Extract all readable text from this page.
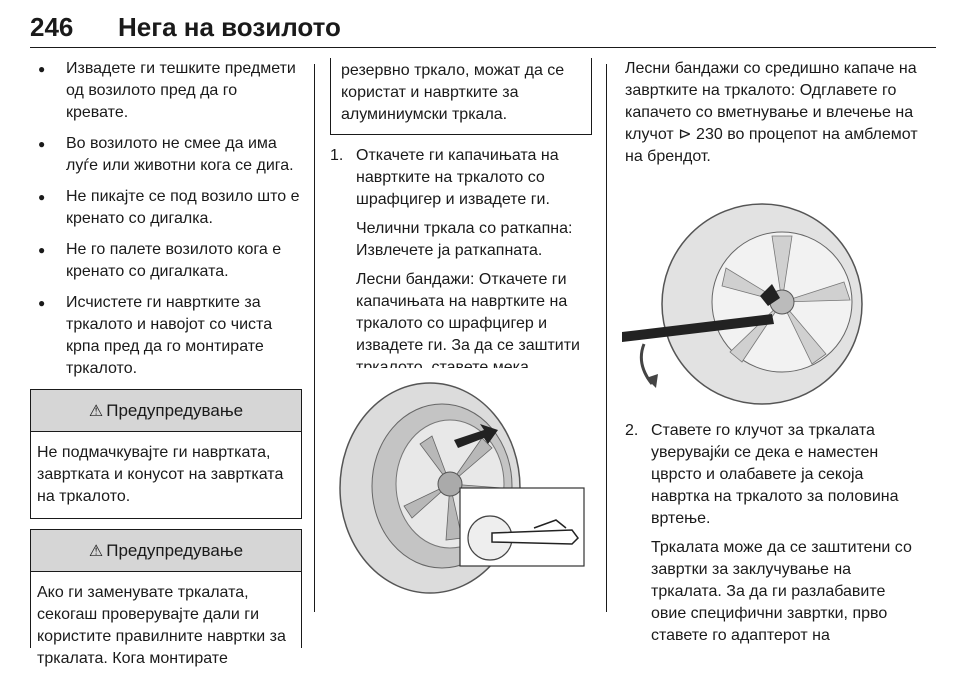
246 Нега на возилото
● Извадете ги тешките предмети од возилото пред да го кревате.
● Во возилото не смее да има луѓе или животни кога се дига.
● Не пикајте се под возило што е кренато со дигалка.
● Не го палете возилото кога е кренато со дигалката.
● Исчистете ги навртките за тркалото и навојот со чиста крпа пред да го монтирате тркалото.
⚠ Предупредување
Не подмачкувајте ги навртката, завртката и конусот на завртката на тркалото.
⚠ Предупредување
Ако ги заменувате тркалата, секогаш проверувајте дали ги користите правилните навртки за тркалата. Кога монтирате
резервно тркало, можат да се користат и навртките за алуминиумски тркала.
1. Откачете ги капачињата на навртките на тркалото со шрафцигер и извадете ги.

Челични тркала со раткапна: Извлечете ја раткапната.

Лесни бандажи: Откачете ги капачињата на навртките на тркалото со шрафцигер и извадете ги. За да се заштити

Лесни бандажи со средишно капаче на завртките на тркалото: Одглавете го капачето со вметнување и влечење на клучот ⊳ 230 во процепот на амблемот на брендот.

2. Ставете го клучот за тркалата уверувајќи се дека е наместен цврсто и олабавете ја секоја навртка на тркалото за половина вртење.

Тркалата може да се заштитени со завртки за заклучување на тркалата. За да ги разлабавите овие специфични завртки, прво ставете го адаптерот на
